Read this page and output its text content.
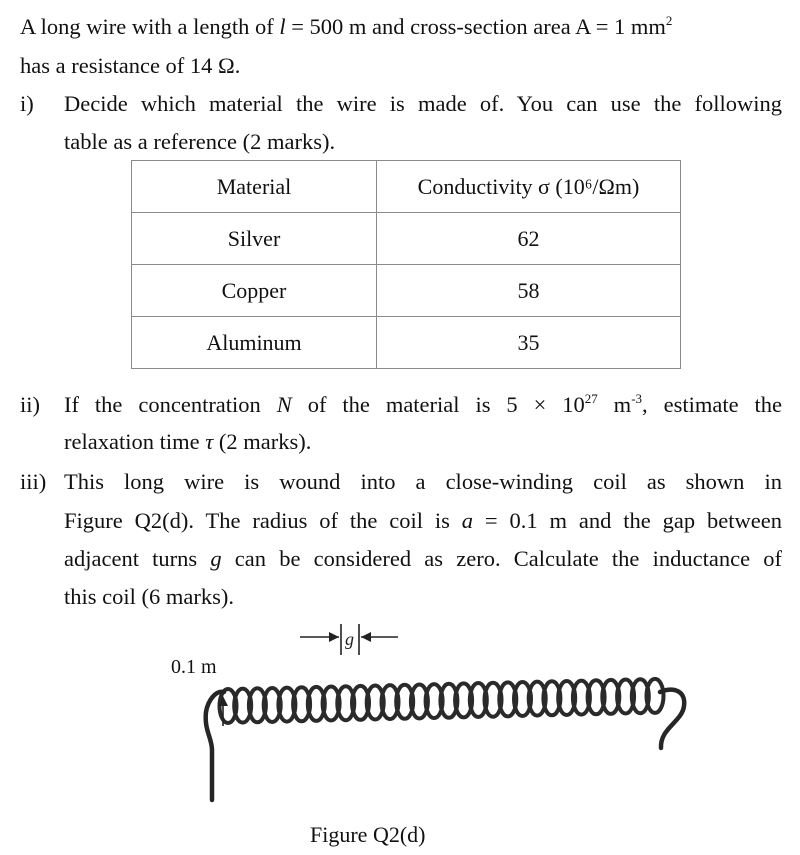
A long wire with a length of l = 500 m and cross-section area A = 1 $mm^2$
has a resistance of 14 Ω.
i) Decide which material the wire is made of. You can use the following
table as a reference (2 marks).
Material	Conductivity σ (10⁶/Ωm)
Silver	62
Copper	58
Aluminum	35
ii) If the concentration N of the material is $5 \times 10^{27}$ $m^{-3}$, estimate the
relaxation time τ (2 marks).
iii) This long wire is wound into a close-winding coil as shown in
Figure Q2(d). The radius of the coil is a = 0.1 m and the gap between
adjacent turns g can be considered as zero. Calculate the inductance of
this coil (6 marks).
g
0.1 m
Figure Q2(d)
